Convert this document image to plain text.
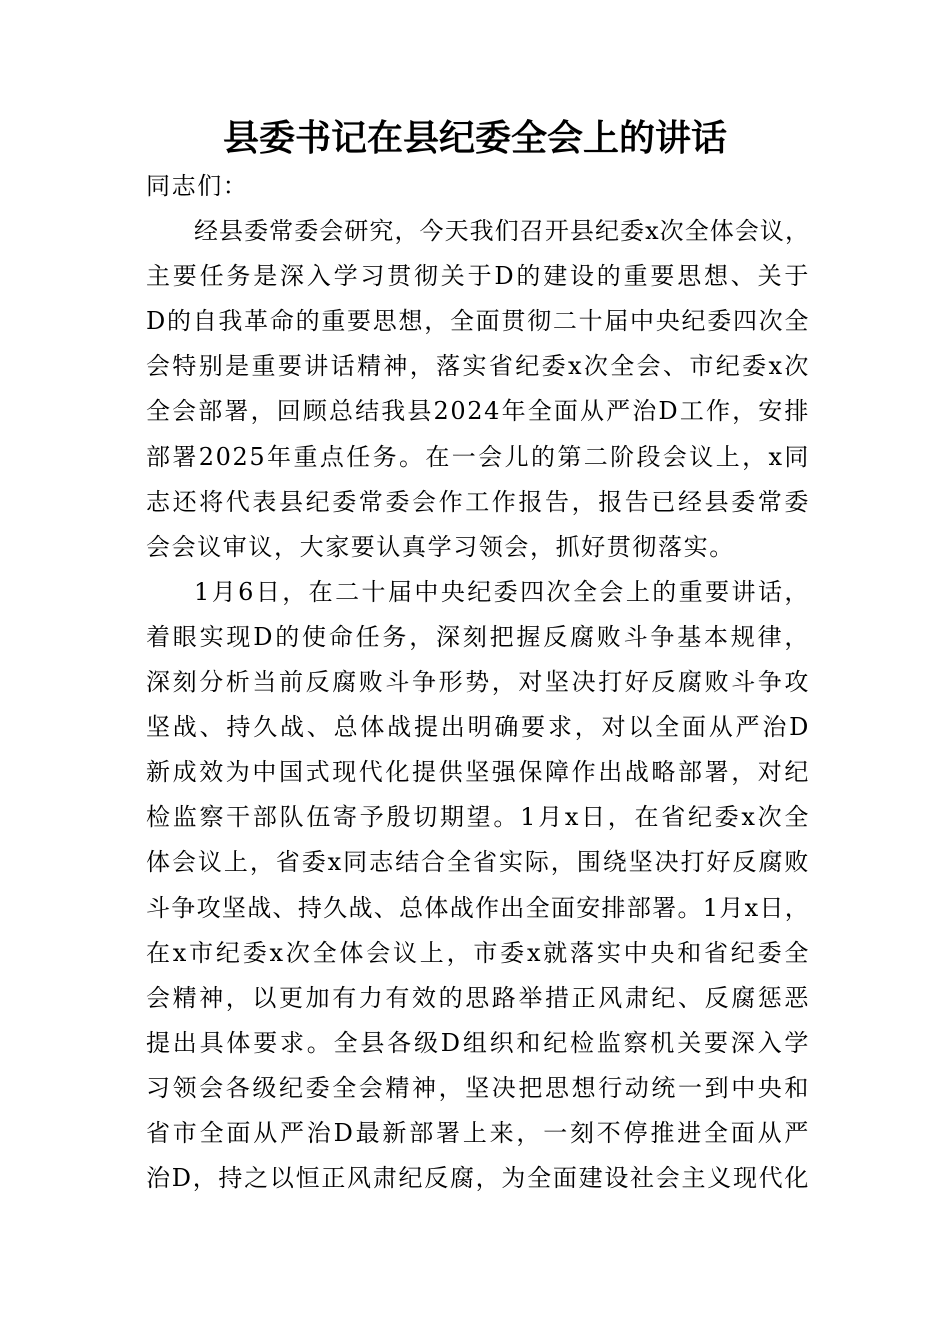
县委书记在县纪委全会上的讲话
同志们：
经县委常委会研究，今天我们召开县纪委x次全体会议，
主要任务是深入学习贯彻关于D的建设的重要思想、关于
D的自我革命的重要思想，全面贯彻二十届中央纪委四次全
会特别是重要讲话精神，落实省纪委x次全会、市纪委x次
全会部署，回顾总结我县2024年全面从严治D工作，安排
部署2025年重点任务。在一会儿的第二阶段会议上，x同
志还将代表县纪委常委会作工作报告，报告已经县委常委
会会议审议，大家要认真学习领会，抓好贯彻落实。
1月6日，在二十届中央纪委四次全会上的重要讲话，
着眼实现D的使命任务，深刻把握反腐败斗争基本规律，
深刻分析当前反腐败斗争形势，对坚决打好反腐败斗争攻
坚战、持久战、总体战提出明确要求，对以全面从严治D
新成效为中国式现代化提供坚强保障作出战略部署，对纪
检监察干部队伍寄予殷切期望。1月x日，在省纪委x次全
体会议上，省委x同志结合全省实际，围绕坚决打好反腐败
斗争攻坚战、持久战、总体战作出全面安排部署。1月x日，
在x市纪委x次全体会议上，市委x就落实中央和省纪委全
会精神，以更加有力有效的思路举措正风肃纪、反腐惩恶
提出具体要求。全县各级D组织和纪检监察机关要深入学
习领会各级纪委全会精神，坚决把思想行动统一到中央和
省市全面从严治D最新部署上来，一刻不停推进全面从严
治D，持之以恒正风肃纪反腐，为全面建设社会主义现代化
